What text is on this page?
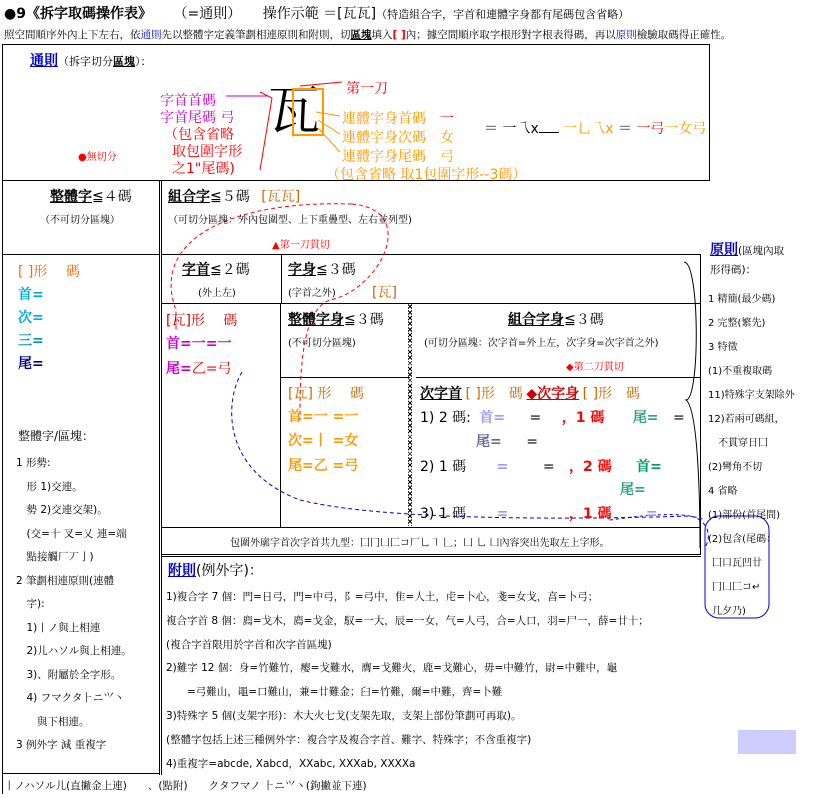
●9《拆字取碼操作表》 （=通則） 操作示範 ＝[瓦瓦]（特造組合字，字首和連體字身都有尾碼包含省略）
照空間順序外內上下左右，依通則先以整體字定義筆劃相連原則和附則，切區塊填入[ ]內；據空間順序取字根形對字根表得碼，再以原則檢驗取碼得正確性。
通則（拆字切分區塊）：
字首首碼
字首尾碼 弓
（包含省略
取包圍字形
之1"尾碼)
●無切分
瓦 第一刀
連體字身首碼　 一
連體字身次碼　 女
連體字身尾碼　 弓
（包含省略 取1包圍字形--3碼）
＝ 一乁x 一乚乁x ＝ 一弓一女弓
整體字≦４碼
（不可切分區塊）
組合字≦５碼 [瓦瓦]
（可切分區塊：外內包圍型、上下重疊型、左右並列型)
▲第一刀貫切
[ ]形　 碼
首=
次=
三=
尾=
字首≦２碼
(外上左)
[瓦]形　 碼
首=一=一
尾=乙=弓
字身≦３碼
(字首之外)	[瓦]
整體字身≦３碼
(不可切分區塊)
[瓦] 形　 碼
首=一 =一
次=丨 =女
尾=乙 =弓
組合字身≦３碼
(可切分區塊：次字首=外上左，次字身=次字首之外)
◆第二刀貫切
次字首 [ ]形　碼 ◆次字身 [ ]形　碼
1) 2 碼: 首= = ，1 碼 尾= =
尾= =
2) 1 碼 = = ，2 碼 首=
尾=
3) 1 碼 =	，1 碼 =
包圍外廓字首次字首共九型：囗冂凵匚コ厂乚㇕ 𠃊；凵 乚 ⼐內容突出先取左上字形。
原則(區塊內取
形得碼)：
1 精簡(最少碼)
2 完整(繁先)
3 特徵
(1)不重複取碼
11)特殊字支架除外
12)若兩可碼組，
　不貫穿日囗
(2)彎角不切
4 省略
(1)部份(首尾間)
(2)包含(尾碼：
囗口瓦凹廿
冂凵匚コ↵
几夕乃)
整體字/區塊：
1 形勢:
　形 1)交連。
　勢 2)交連交架)。
　(交=十 叉=乂 連=端
　點接觸厂丆亅)
2 筆劃相連原則(連體
　字):
　1)丨ノ與上相連
　2)儿ハソル與上相連。
　3)、附屬於全字形。
　4) フマクタ⺊ニ⺍⼂
　　與下相連。
3 例外字 減 重複字
附則(例外字)：
1)複合字 7 個：門=日弓，門=中弓，阝=弓中，隹=人土，虍=卜心，戔=女戈，亯=卜弓；
複合字首 8 個：廌=戈木，廌=戈金，馭=一大，辰=一女，气=人弓，合=人口，羽=尸一，薛=廿十；
(複合字首限用於字首和次字首區塊)
2)難字 12 個：身=竹難竹，瘿=戈難水，膺=戈難火，鹿=戈難心，毋=中難竹，尉=中難中，龜
　　=弓難山，黽=口難山，兼=廿難金；臼=竹難，爾=中難，齊=卜難
3)特殊字 5 個(支架字形)：木大火七戈(支架先取，支架上部份筆劃可再取)。
(整體字包括上述三種例外字：複合字及複合字首、難字、特殊字；不含重複字)
4)重複字=abcde, Xabcd，XXabc, XXXab, XXXXa
丨ノハソル儿(直撇金上連)　　、(點附)　　クタフマノ ⺊ニ⺍⼂(鉤撇並下連)
